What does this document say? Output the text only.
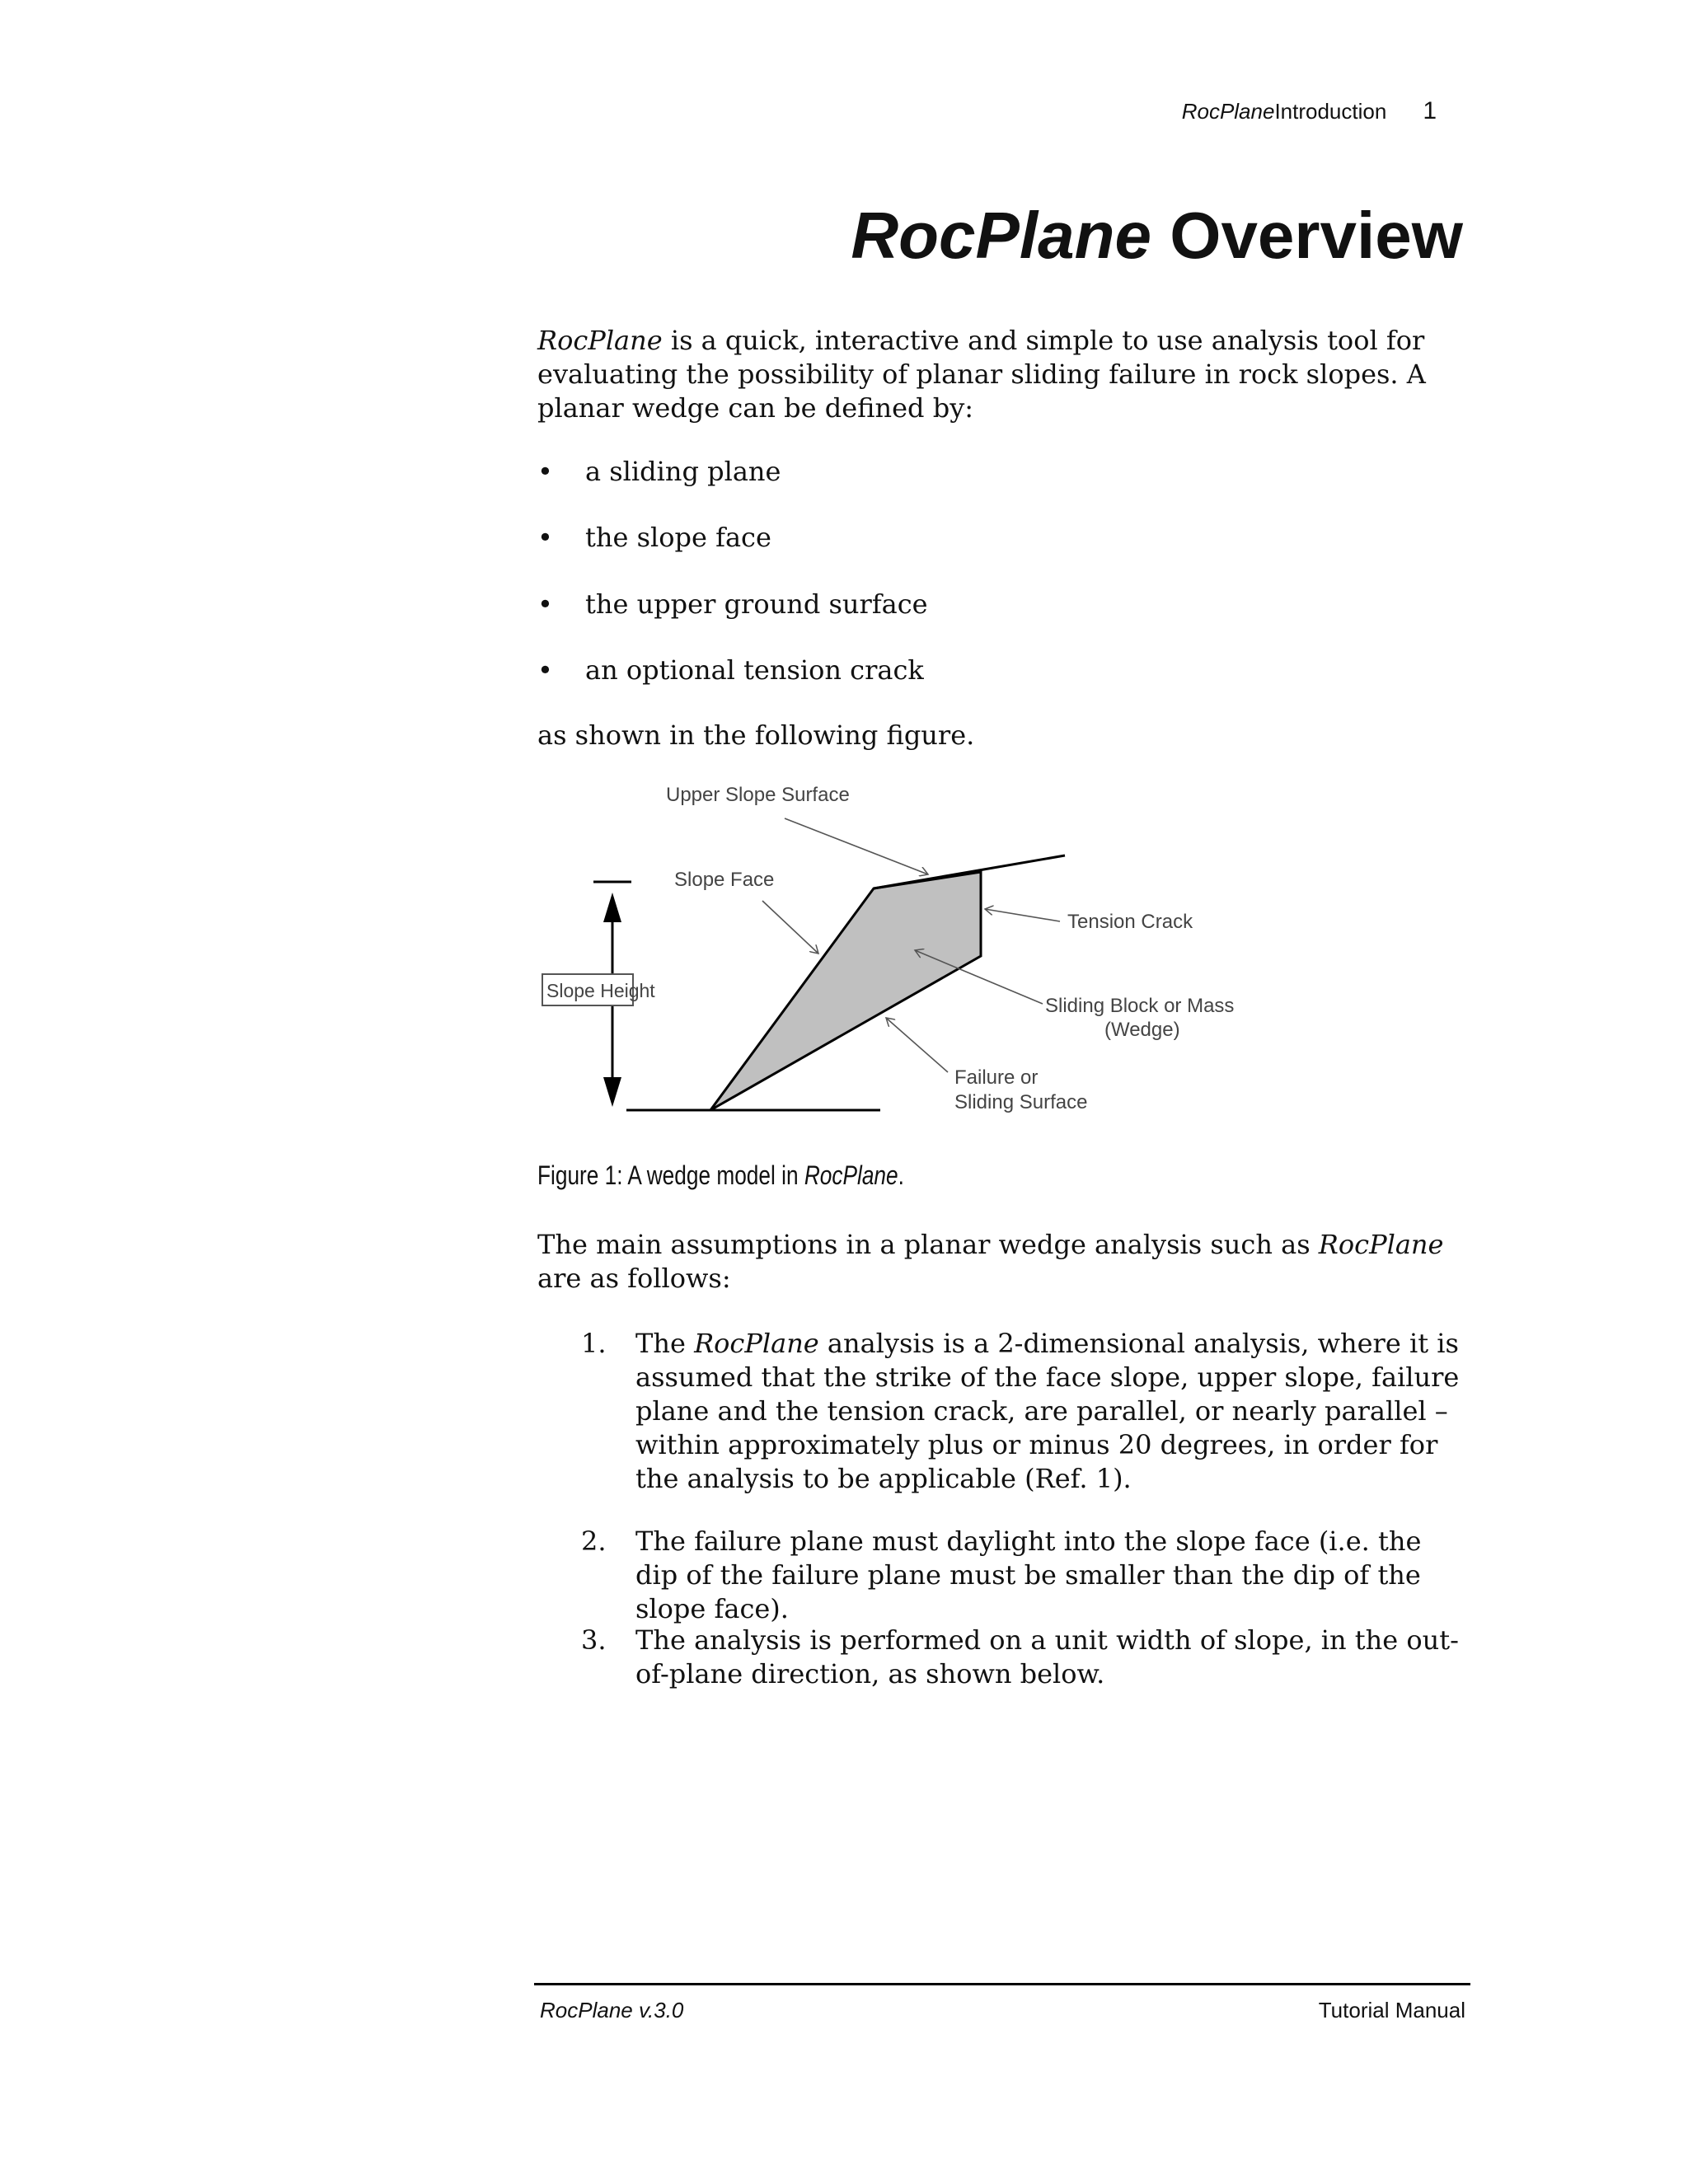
RocPlaneIntroduction 1
RocPlane Overview
RocPlane is a quick, interactive and simple to use analysis tool for evaluating the possibility of planar sliding failure in rock slopes. A planar wedge can be defined by:
• a sliding plane
• the slope face
• the upper ground surface
• an optional tension crack
as shown in the following figure.
Slope Height
Upper Slope Surface
Slope Face
Tension Crack
Sliding Block or Mass
(Wedge)
Failure or
Sliding Surface
Figure 1: A wedge model in RocPlane.
The main assumptions in a planar wedge analysis such as RocPlane are as follows:
1. The RocPlane analysis is a 2-dimensional analysis, where it is assumed that the strike of the face slope, upper slope, failure plane and the tension crack, are parallel, or nearly parallel – within approximately plus or minus 20 degrees, in order for the analysis to be applicable (Ref. 1).
2. The failure plane must daylight into the slope face (i.e. the dip of the failure plane must be smaller than the dip of the slope face).
3. The analysis is performed on a unit width of slope, in the out-of-plane direction, as shown below.
RocPlane v.3.0	Tutorial Manual
